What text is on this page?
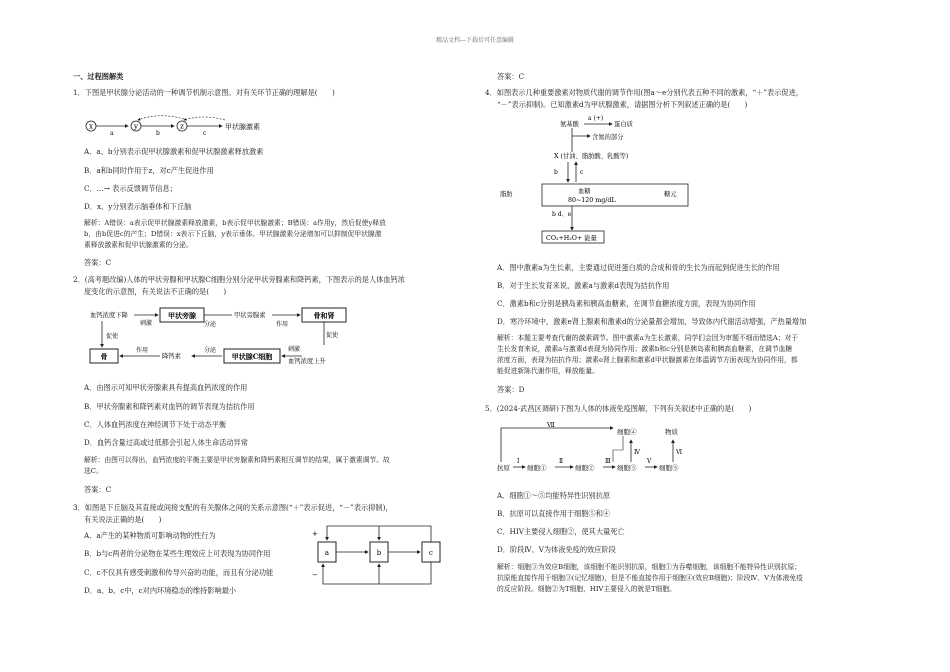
精品文档---下载后可任意编辑
一、过程图解类
1．下图是甲状腺分泌活动的一种调节机制示意图。对有关环节正确的理解是(　　)
x
a
y
b
z
c
甲状腺激素
A．a、b分别表示促甲状腺激素和促甲状腺激素释放激素
B．a和b同时作用于z，对c产生促进作用
C．…→ 表示反馈调节信息；
D．x、y分别表示脑垂体和下丘脑
解析：A错误：a表示促甲状腺激素释放激素，b表示促甲状腺激素；B错误：a作用y，然后促使y释放
b，由b促进c的产生；D错误：x表示下丘脑，y表示垂体。甲状腺激素分泌增加可以抑制促甲状腺激
素释放激素和促甲状腺激素的分泌。
答案：C
2．(高考题改编)人体的甲状旁腺和甲状腺C细胞分别分泌甲状旁腺素和降钙素，下图表示的是人体血钙浓
度变化的示意图，有关说法不正确的是(　　)
血钙浓度下降
刺激
甲状旁腺
分泌
甲状旁腺素
作用
骨和肾
促使
促使
骨
作用
降钙素
分泌
甲状腺C细胞
刺激
血钙浓度上升
A．由图示可知甲状旁腺素具有提高血钙浓度的作用
B．甲状旁腺素和降钙素对血钙的调节表现为拮抗作用
C．人体血钙浓度在神经调节下处于动态平衡
D．血钙含量过高或过低都会引起人体生命活动异常
解析：由图可以得出，血钙浓度的平衡主要是甲状旁腺素和降钙素相互调节的结果，属于激素调节。故
选C。
答案：C
3．如图是下丘脑及其直接或间接支配的有关腺体之间的关系示意图(“＋”表示促进，“－”表示抑制)，
有关说法正确的是(　　)
a	b	c
+
−
A．a产生的某种物质可影响动物的性行为
B．b与c两者的分泌物在某些生理效应上可表现为协同作用
C．c不仅具有感受刺激和传导兴奋的功能，而且有分泌功能
D．a、b、c中，c对内环境稳态的维持影响最小
答案：C
4．如图表示几种重要激素对物质代谢的调节作用(图a～e分别代表五种不同的激素，“＋”表示促进，
“－”表示抑制)。已知激素d为甲状腺激素，请据图分析下列叙述正确的是(　　)
氨基酸
a (+)
蛋白质
含氮的部分
X (甘油、脂肪酸、乳酸等)
b	c
脂肪	血糖
80~120 mg/dL
糖元
b d、e
CO₂+H₂O+ 能量
A．图中激素a为生长素，主要通过促进蛋白质的合成和骨的生长为而起到促进生长的作用
B．对于生长发育来说，激素a与激素d表现为拮抗作用
C．激素b和c分别是胰岛素和胰高血糖素，在调节血糖浓度方面，表现为协同作用
D．寒冷环境中，激素e肾上腺素和激素d的分泌量都会增加，导致体内代谢活动增强，产热量增加
解析：本题主要考查代谢的激素调节。图中激素a为生长激素，同学们会因为审题不细而错选A；对于
生长发育来说，激素a与激素d表现为协同作用；激素b和c分别是胰岛素和胰高血糖素，在调节血糖
浓度方面，表现为拮抗作用；激素e肾上腺素和激素d甲状腺激素在体温调节方面表现为协同作用，都
能促进新陈代谢作用，释放能量。
答案：D
5．(2024·武昌区调研)下图为人体的体液免疫图解，下列有关叙述中正确的是(　　)
抗原
Ⅰ
细胞①
Ⅱ
细胞②
Ⅲ
细胞③
Ⅳ
细胞④
Ⅴ
细胞⑤
Ⅵ
物质
Ⅶ
A．细胞①～⑤均能特异性识别抗原
B．抗原可以直接作用于细胞⑤和④
C．HIV主要侵入细胞②，使其大量死亡
D．阶段Ⅳ、Ⅴ为体液免疫的效应阶段
解析：细胞③为效应B细胞，该细胞不能识别抗原，细胞①为吞噬细胞，该细胞不能特异性识别抗原；
抗原能直接作用于细胞③(记忆细胞)，但是不能直接作用于细胞④(效应B细胞)；阶段Ⅳ、Ⅴ为体液免疫
的反应阶段。细胞②为T细胞，HIV主要侵入的就是T细胞。
